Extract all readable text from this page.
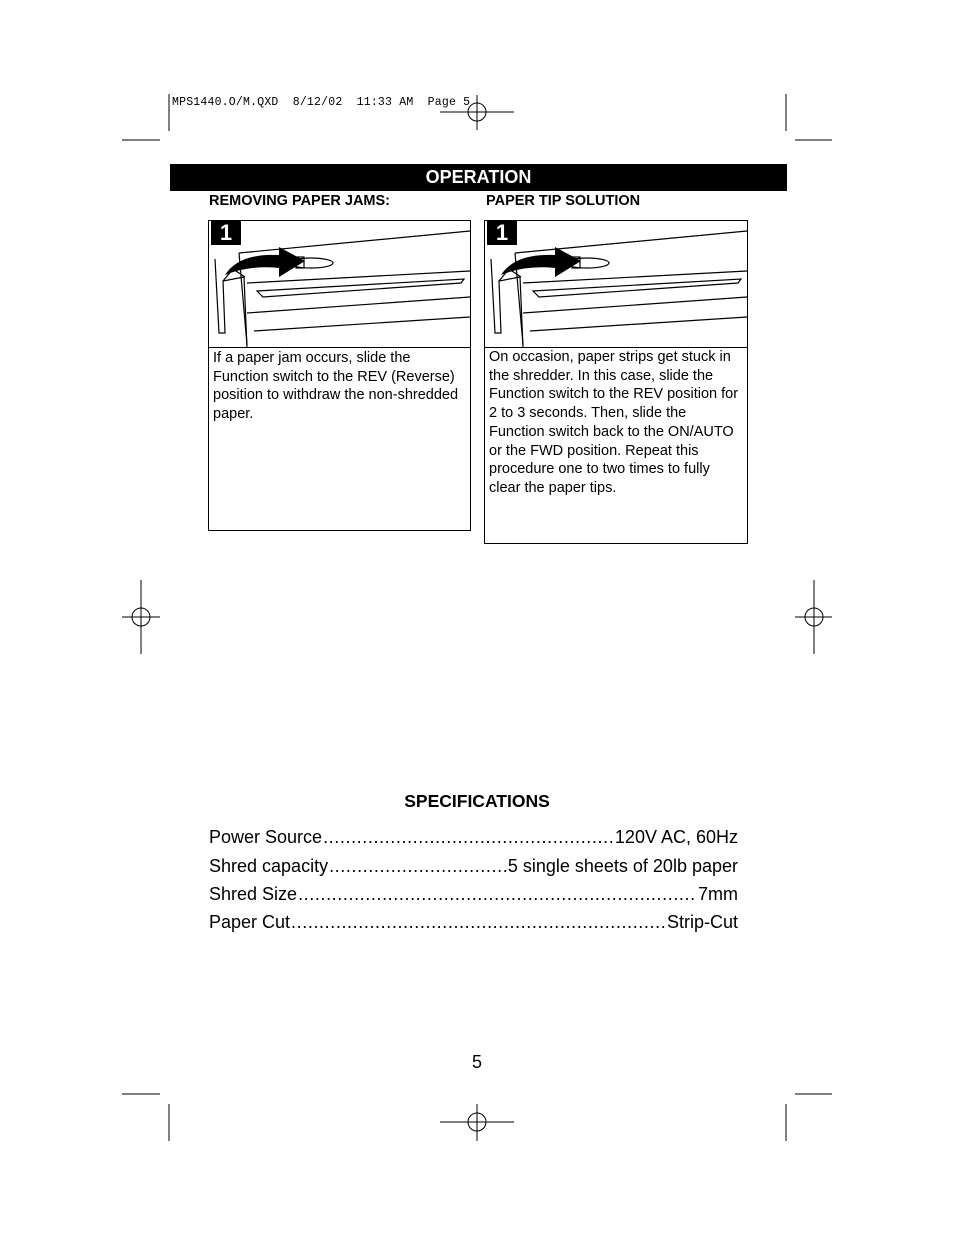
MPS1440.O/M.QXD  8/12/02  11:33 AM  Page 5
OPERATION
REMOVING PAPER JAMS:	PAPER TIP SOLUTION
1
If a paper jam occurs, slide the Function switch to the REV (Reverse) position to withdraw the non-shredded paper.
1
On occasion, paper strips get stuck in the shredder. In this case, slide the Function switch to the REV position for 2 to 3 seconds. Then, slide the Function switch back to the ON/AUTO or the FWD position. Repeat this procedure one to two times to fully clear the paper tips.
SPECIFICATIONS
Power Source .....	120V AC, 60Hz
Shred capacity .....	5 single sheets of 20lb paper
Shred Size .....	7mm
Paper Cut .....	Strip-Cut
5
